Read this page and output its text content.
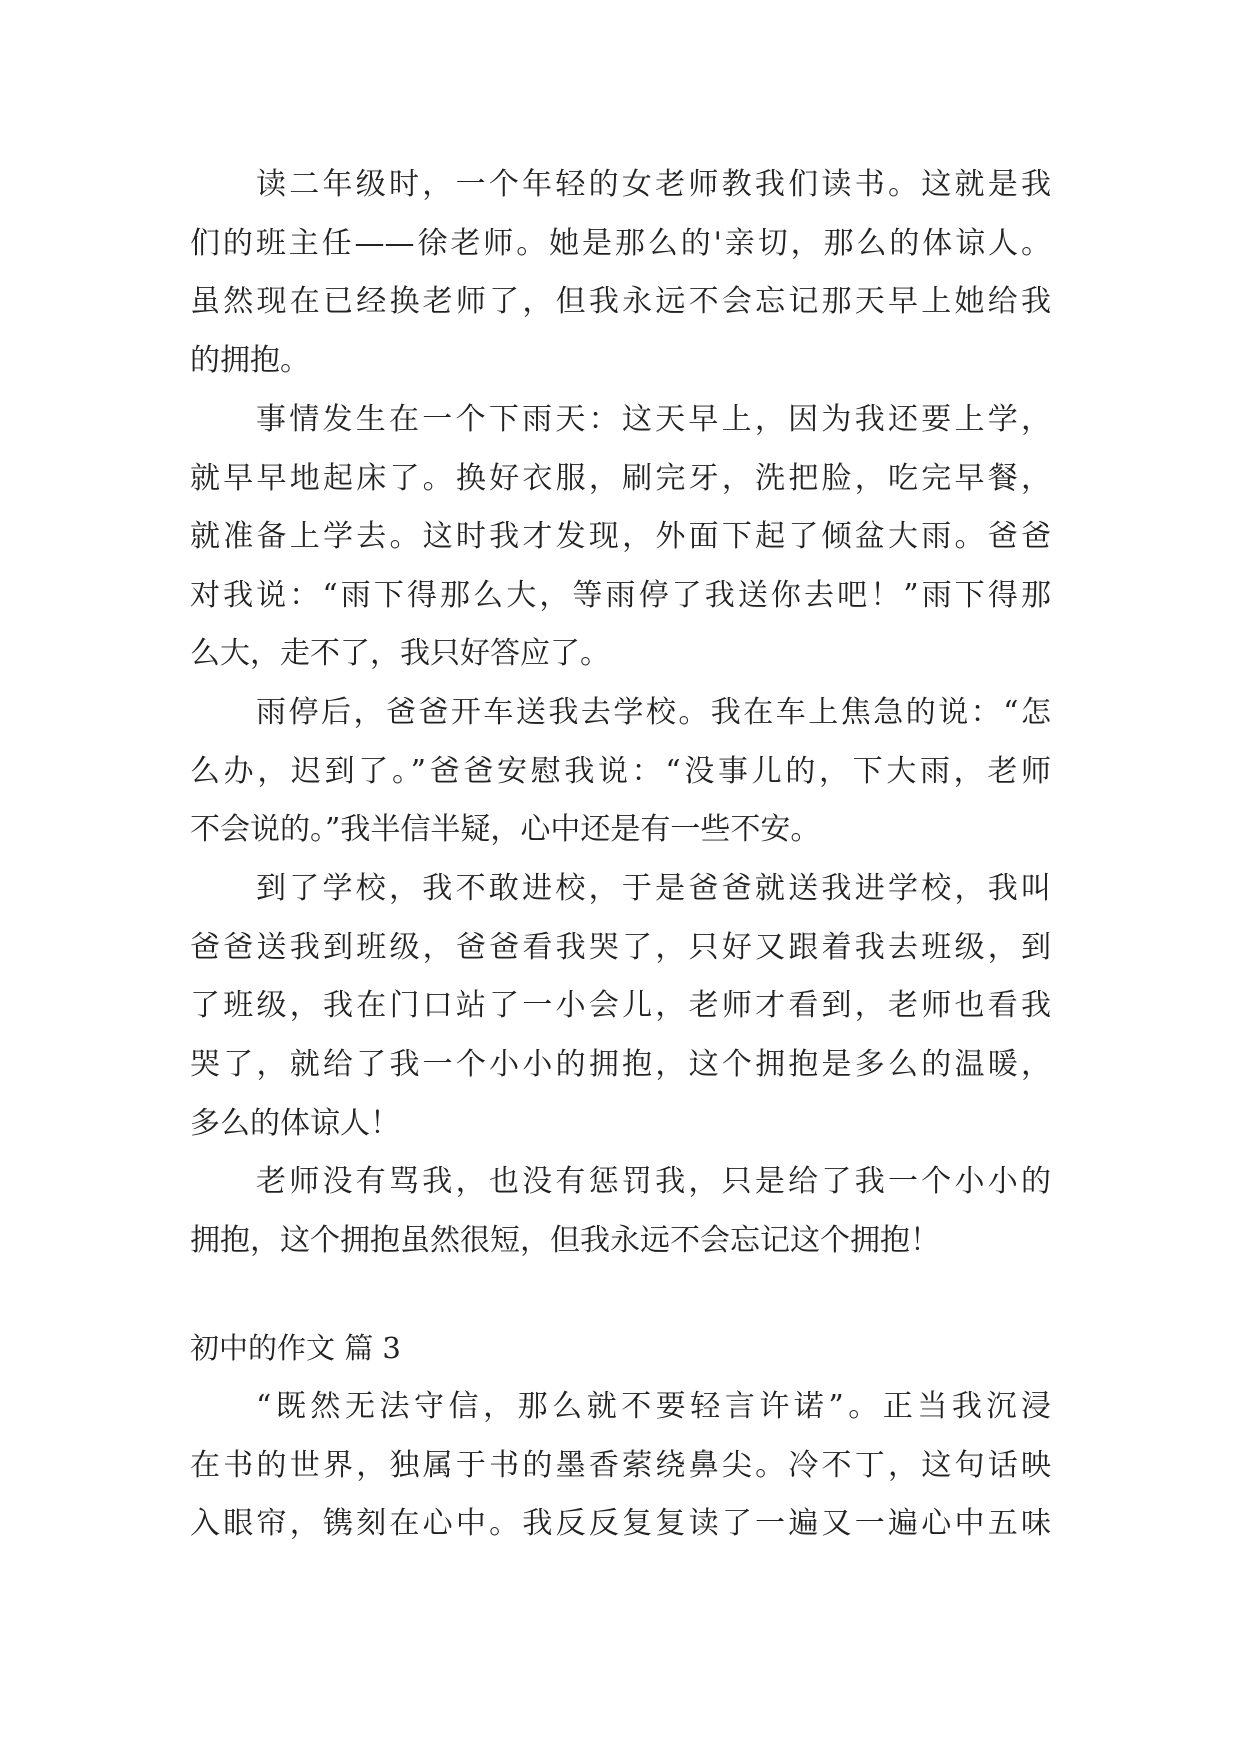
读二年级时，一个年轻的女老师教我们读书。这就是我
们的班主任——徐老师。她是那么的'亲切，那么的体谅人。
虽然现在已经换老师了，但我永远不会忘记那天早上她给我
的拥抱。
事情发生在一个下雨天：这天早上，因为我还要上学，
就早早地起床了。换好衣服，刷完牙，洗把脸，吃完早餐，
就准备上学去。这时我才发现，外面下起了倾盆大雨。爸爸
对我说：“雨下得那么大，等雨停了我送你去吧！”雨下得那
么大，走不了，我只好答应了。
雨停后，爸爸开车送我去学校。我在车上焦急的说：“怎
么办，迟到了。”爸爸安慰我说：“没事儿的，下大雨，老师
不会说的。”我半信半疑，心中还是有一些不安。
到了学校，我不敢进校，于是爸爸就送我进学校，我叫
爸爸送我到班级，爸爸看我哭了，只好又跟着我去班级，到
了班级，我在门口站了一小会儿，老师才看到，老师也看我
哭了，就给了我一个小小的拥抱，这个拥抱是多么的温暖，
多么的体谅人！
老师没有骂我，也没有惩罚我，只是给了我一个小小的
拥抱，这个拥抱虽然很短，但我永远不会忘记这个拥抱！
初中的作文 篇 3
“既然无法守信，那么就不要轻言许诺”。正当我沉浸
在书的世界，独属于书的墨香萦绕鼻尖。冷不丁，这句话映
入眼帘，镌刻在心中。我反反复复读了一遍又一遍心中五味
